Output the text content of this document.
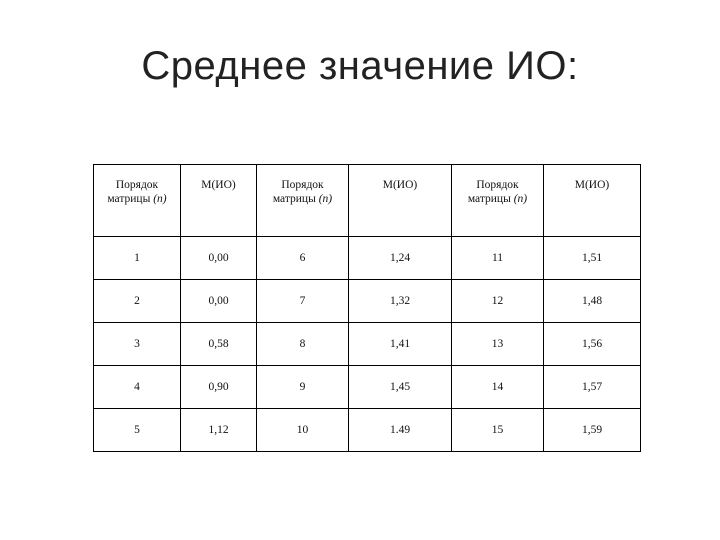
Среднее значение ИО:
Порядок матрицы (n)	М(ИО)	Порядок матрицы (n)	М(ИО)	Порядок матрицы (n)	М(ИО)
1	0,00	6	1,24	11	1,51
2	0,00	7	1,32	12	1,48
3	0,58	8	1,41	13	1,56
4	0,90	9	1,45	14	1,57
5	1,12	10	1.49	15	1,59
